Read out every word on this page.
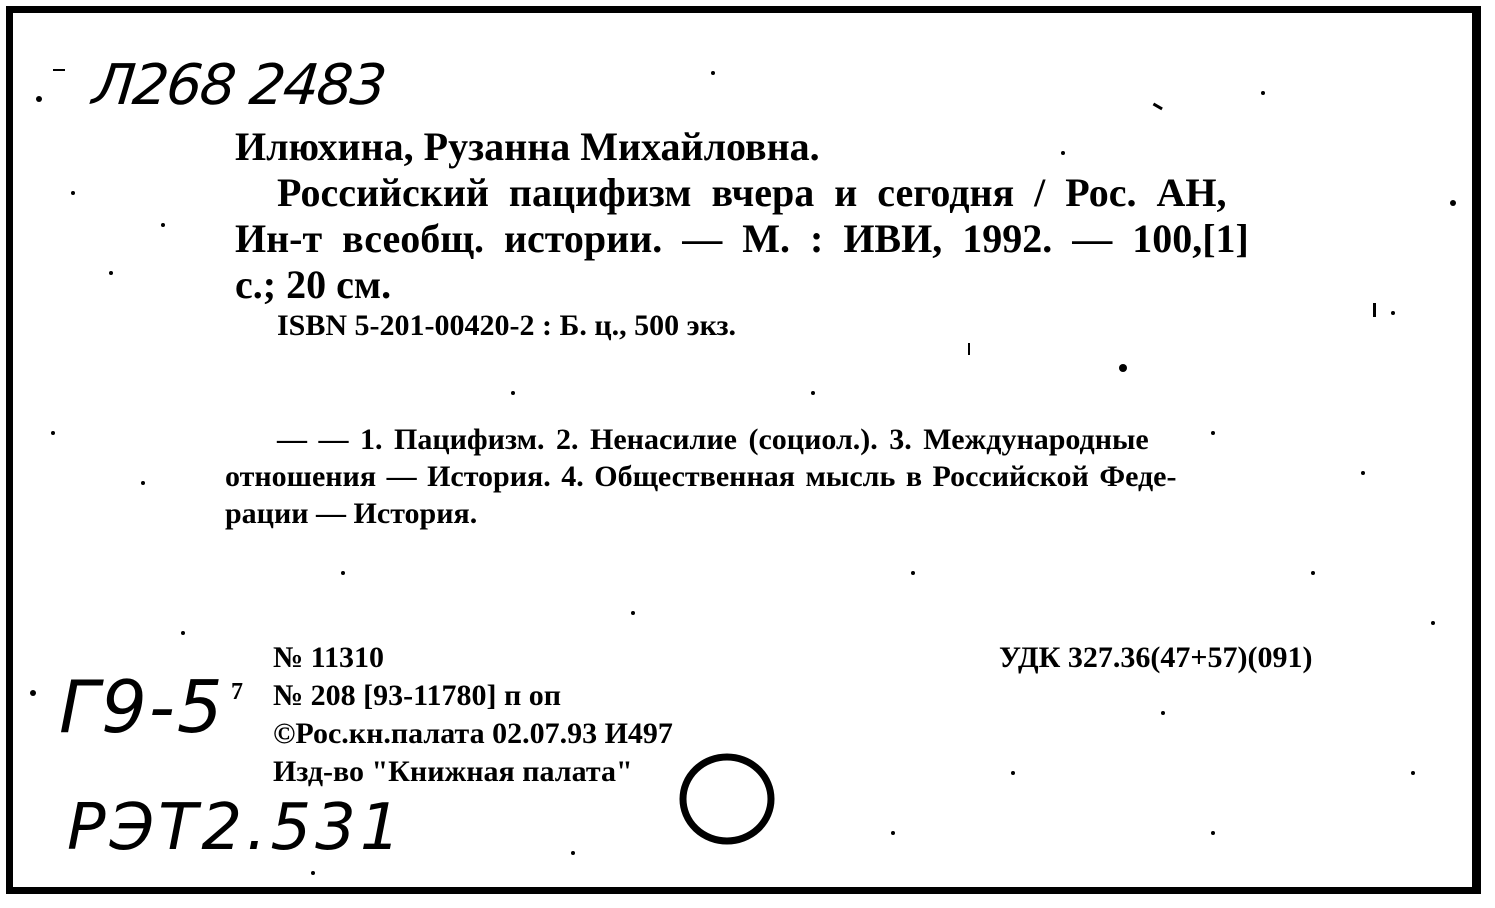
Л268 2483
Г9-5
РЭТ2.531
Илюхина, Рузанна Михайловна.
Российский пацифизм вчера и сегодня / Рос. АН,
Ин-т всеобщ. истории. — М. : ИВИ, 1992. — 100,[1]
с.; 20 см.
ISBN 5-201-00420-2 : Б. ц., 500 экз.
— — 1. Пацифизм. 2. Ненасилие (социол.). 3. Международные
отношения — История. 4. Общественная мысль в Российской Феде-
рации — История.
№ 11310	УДК 327.36(47+57)(091)
7 № 208 [93-11780] п оп
©Рос.кн.палата 02.07.93 И497
Изд-во "Книжная палата"
